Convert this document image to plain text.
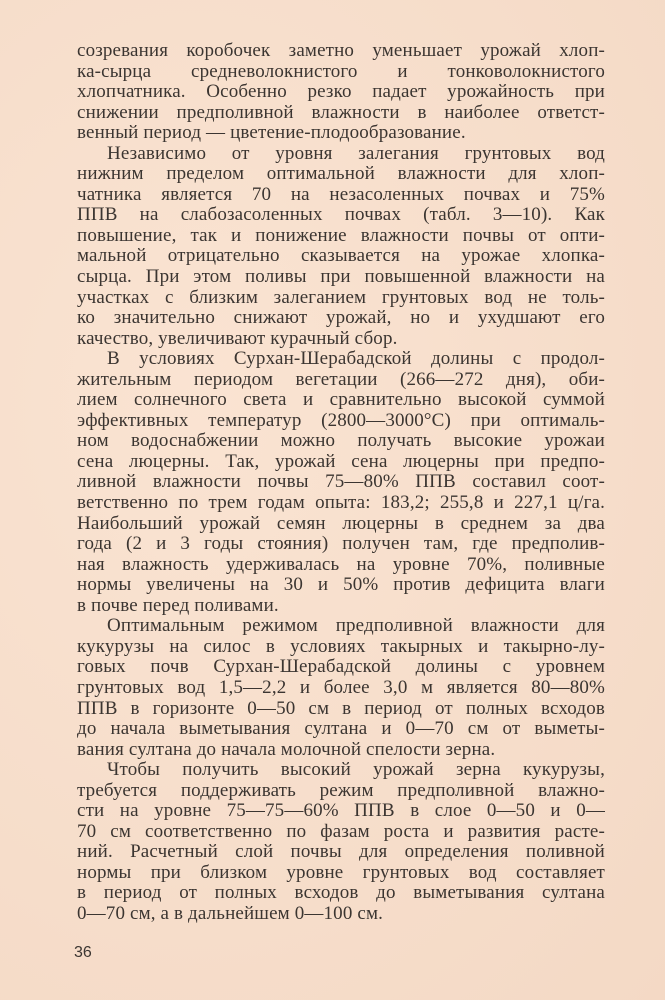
созревания коробочек заметно уменьшает урожай хлоп-
ка-сырца средневолокнистого и тонковолокнистого
хлопчатника. Особенно резко падает урожайность при
снижении предполивной влажности в наиболее ответст-
венный период — цветение-плодообразование.
Независимо от уровня залегания грунтовых вод
нижним пределом оптимальной влажности для хлоп-
чатника является 70 на незасоленных почвах и 75%
ППВ на слабозасоленных почвах (табл. 3—10). Как
повышение, так и понижение влажности почвы от опти-
мальной отрицательно сказывается на урожае хлопка-
сырца. При этом поливы при повышенной влажности на
участках с близким залеганием грунтовых вод не толь-
ко значительно снижают урожай, но и ухудшают его
качество, увеличивают курачный сбор.
В условиях Сурхан-Шерабадской долины с продол-
жительным периодом вегетации (266—272 дня), оби-
лием солнечного света и сравнительно высокой суммой
эффективных температур (2800—3000°С) при оптималь-
ном водоснабжении можно получать высокие урожаи
сена люцерны. Так, урожай сена люцерны при предпо-
ливной влажности почвы 75—80% ППВ составил соот-
ветственно по трем годам опыта: 183,2; 255,8 и 227,1 ц/га.
Наибольший урожай семян люцерны в среднем за два
года (2 и 3 годы стояния) получен там, где предполив-
ная влажность удерживалась на уровне 70%, поливные
нормы увеличены на 30 и 50% против дефицита влаги
в почве перед поливами.
Оптимальным режимом предполивной влажности для
кукурузы на силос в условиях такырных и такырно-лу-
говых почв Сурхан-Шерабадской долины с уровнем
грунтовых вод 1,5—2,2 и более 3,0 м является 80—80%
ППВ в горизонте 0—50 см в период от полных всходов
до начала выметывания султана и 0—70 см от выметы-
вания султана до начала молочной спелости зерна.
Чтобы получить высокий урожай зерна кукурузы,
требуется поддерживать режим предполивной влажно-
сти на уровне 75—75—60% ППВ в слое 0—50 и 0—
70 см соответственно по фазам роста и развития расте-
ний. Расчетный слой почвы для определения поливной
нормы при близком уровне грунтовых вод составляет
в период от полных всходов до выметывания султана
0—70 см, а в дальнейшем 0—100 см.
36
